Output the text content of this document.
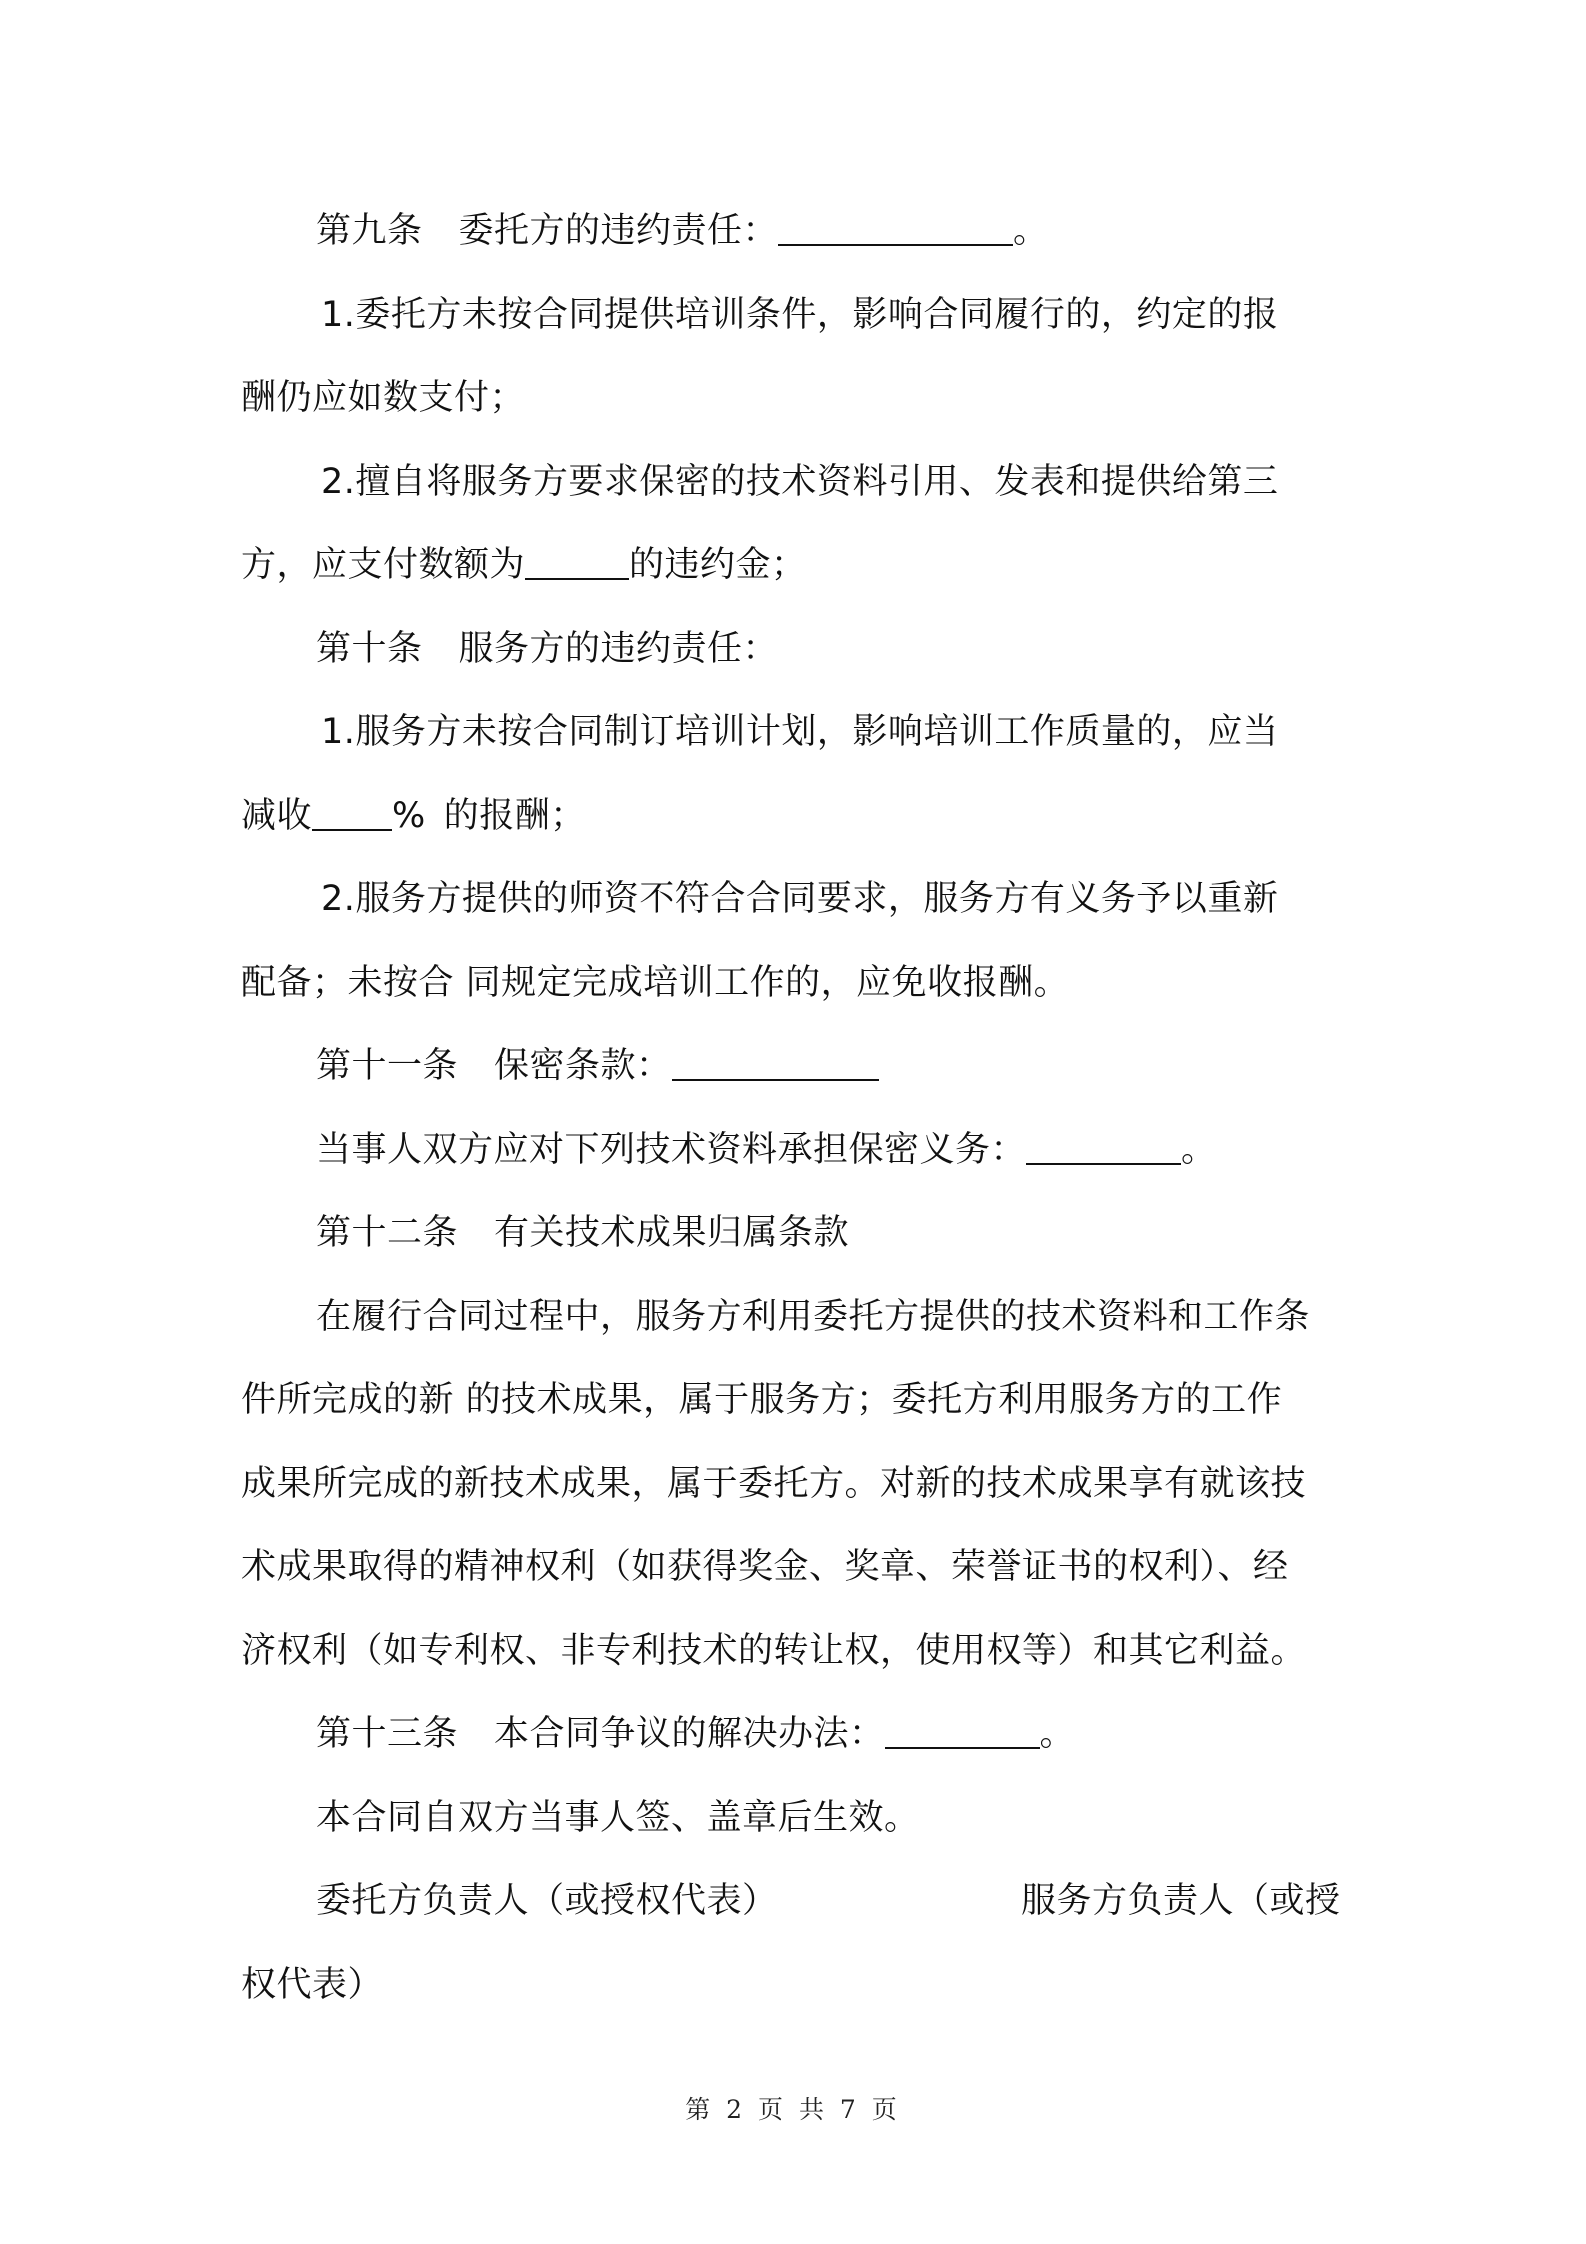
第九条 委托方的违约责任：	。
1.委托方未按合同提供培训条件，影响合同履行的，约定的报
酬仍应如数支付；
2.擅自将服务方要求保密的技术资料引用、发表和提供给第三
方，应支付数额为	的违约金；
第十条 服务方的违约责任：
1.服务方未按合同制订培训计划，影响培训工作质量的，应当
减收 % 的报酬；
2.服务方提供的师资不符合合同要求，服务方有义务予以重新
配备；未按合 同规定完成培训工作的，应免收报酬。
第十一条 保密条款：
当事人双方应对下列技术资料承担保密义务：	。
第十二条 有关技术成果归属条款
在履行合同过程中，服务方利用委托方提供的技术资料和工作条
件所完成的新 的技术成果，属于服务方；委托方利用服务方的工作
成果所完成的新技术成果，属于委托方。对新的技术成果享有就该技
术成果取得的精神权利（如获得奖金、奖章、荣誉证书的权利）、经
济权利（如专利权、非专利技术的转让权，使用权等）和其它利益。
第十三条 本合同争议的解决办法：	。
本合同自双方当事人签、盖章后生效。
委托方负责人（或授权代表）	服务方负责人（或授
权代表）
第 2 页 共 7 页
